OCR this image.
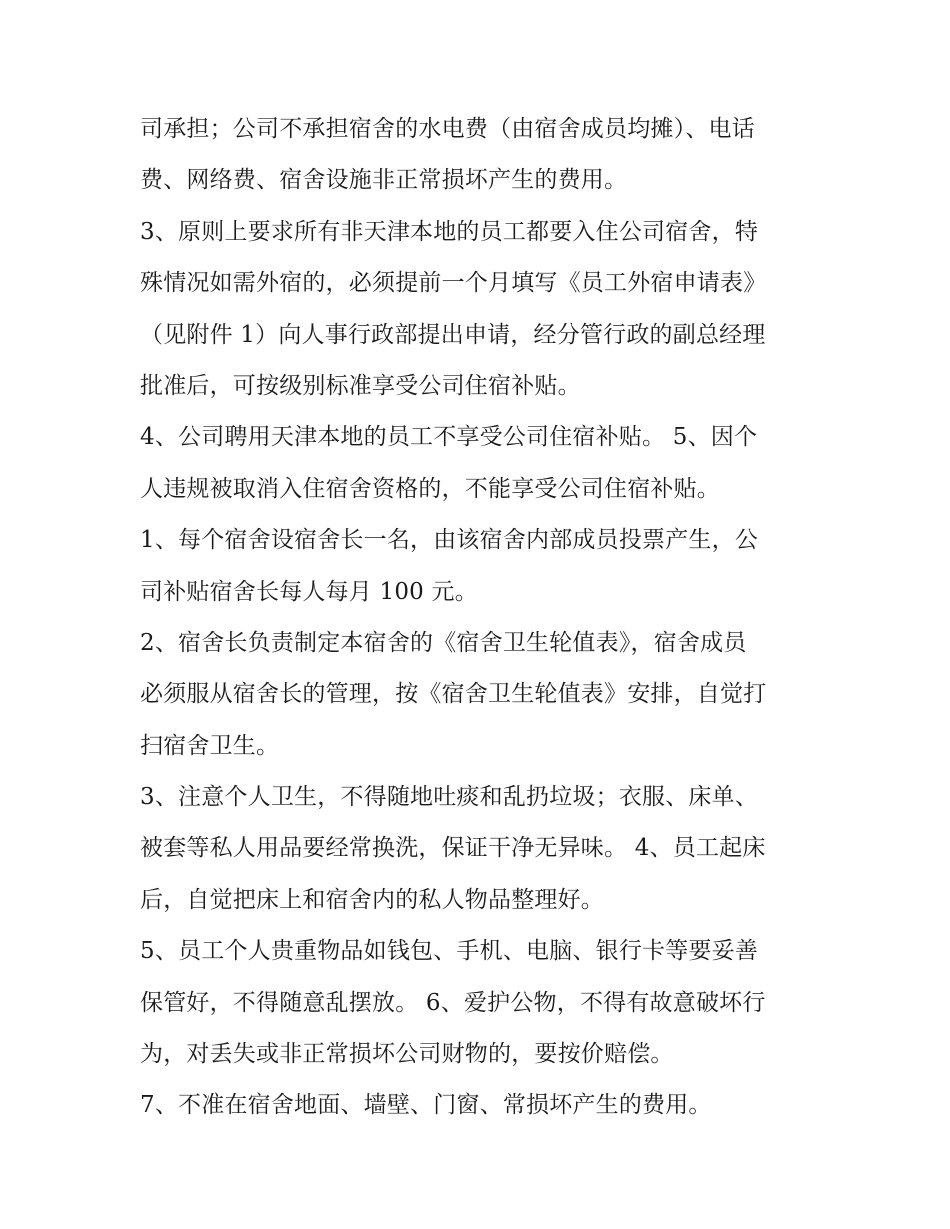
司承担；公司不承担宿舍的水电费（由宿舍成员均摊）、电话
费、网络费、宿舍设施非正常损坏产生的费用。
3、原则上要求所有非天津本地的员工都要入住公司宿舍，特
殊情况如需外宿的，必须提前一个月填写《员工外宿申请表》
（见附件 1）向人事行政部提出申请，经分管行政的副总经理
批准后，可按级别标准享受公司住宿补贴。
4、公司聘用天津本地的员工不享受公司住宿补贴。 5、因个
人违规被取消入住宿舍资格的，不能享受公司住宿补贴。
1、每个宿舍设宿舍长一名，由该宿舍内部成员投票产生，公
司补贴宿舍长每人每月 100 元。
2、宿舍长负责制定本宿舍的《宿舍卫生轮值表》，宿舍成员
必须服从宿舍长的管理，按《宿舍卫生轮值表》安排，自觉打
扫宿舍卫生。
3、注意个人卫生，不得随地吐痰和乱扔垃圾；衣服、床单、
被套等私人用品要经常换洗，保证干净无异味。 4、员工起床
后，自觉把床上和宿舍内的私人物品整理好。
5、员工个人贵重物品如钱包、手机、电脑、银行卡等要妥善
保管好，不得随意乱摆放。 6、爱护公物，不得有故意破坏行
为，对丢失或非正常损坏公司财物的，要按价赔偿。
7、不准在宿舍地面、墙壁、门窗、常损坏产生的费用。
